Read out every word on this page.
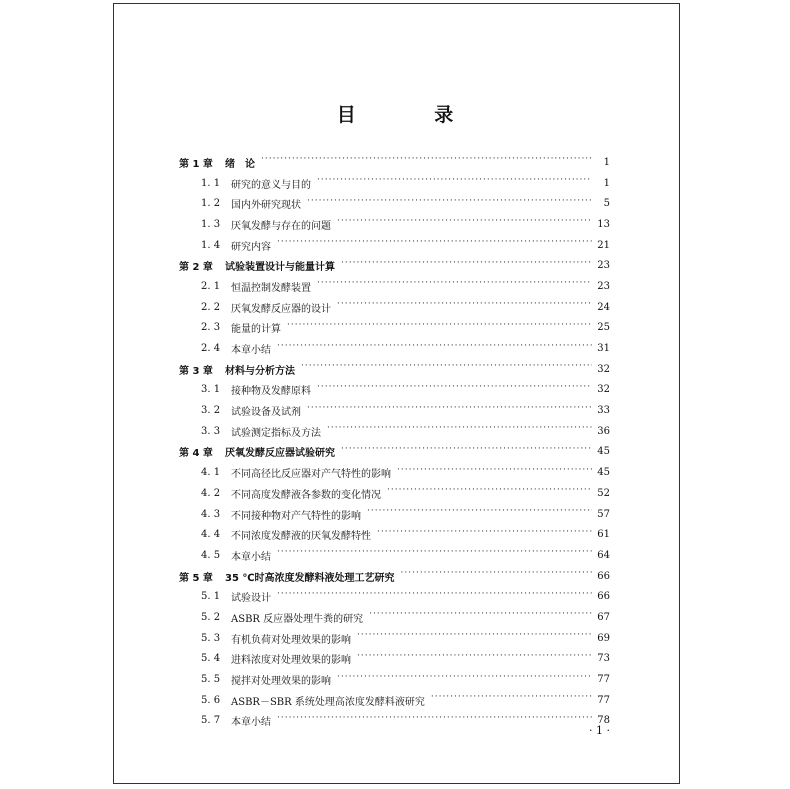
目 录
第 1 章	绪　论 ·····	1
1. 1	研究的意义与目的 ·····	1
1. 2	国内外研究现状 ·····	5
1. 3	厌氧发酵与存在的问题 ·····	13
1. 4	研究内容 ·····	21
第 2 章	试验装置设计与能量计算 ·····	23
2. 1	恒温控制发酵装置 ·····	23
2. 2	厌氧发酵反应器的设计 ·····	24
2. 3	能量的计算 ·····	25
2. 4	本章小结 ·····	31
第 3 章	材料与分析方法 ·····	32
3. 1	接种物及发酵原料 ·····	32
3. 2	试验设备及试剂 ·····	33
3. 3	试验测定指标及方法 ·····	36
第 4 章	厌氧发酵反应器试验研究 ·····	45
4. 1	不同高径比反应器对产气特性的影响 ·····	45
4. 2	不同高度发酵液各参数的变化情况 ·····	52
4. 3	不同接种物对产气特性的影响 ·····	57
4. 4	不同浓度发酵液的厌氧发酵特性 ·····	61
4. 5	本章小结 ·····	64
第 5 章	35 ℃时高浓度发酵料液处理工艺研究 ·····	66
5. 1	试验设计 ·····	66
5. 2	ASBR 反应器处理牛粪的研究 ·····	67
5. 3	有机负荷对处理效果的影响 ·····	69
5. 4	进料浓度对处理效果的影响 ·····	73
5. 5	搅拌对处理效果的影响 ·····	77
5. 6	ASBR－SBR 系统处理高浓度发酵料液研究 ·····	77
5. 7	本章小结 ·····	78
· 1 ·
